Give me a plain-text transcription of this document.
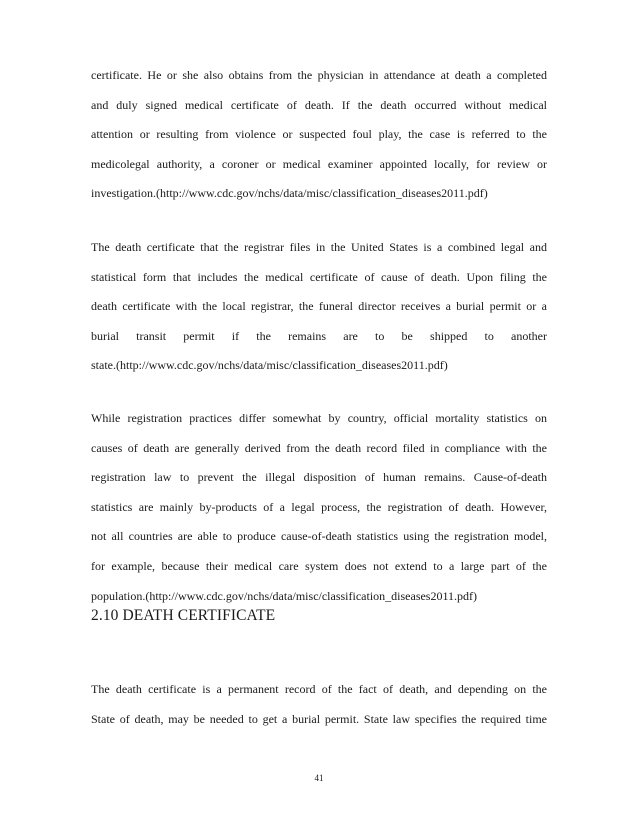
certificate. He or she also obtains from the physician in attendance at death a completed
and duly signed medical certificate of death. If the death occurred without medical
attention or resulting from violence or suspected foul play, the case is referred to the
medicolegal authority, a coroner or medical examiner appointed locally, for review or
investigation.(http://www.cdc.gov/nchs/data/misc/classification_diseases2011.pdf)
The death certificate that the registrar files in the United States is a combined legal and
statistical form that includes the medical certificate of cause of death. Upon filing the
death certificate with the local registrar, the funeral director receives a burial permit or a
burial transit permit if the remains are to be shipped to another
state.(http://www.cdc.gov/nchs/data/misc/classification_diseases2011.pdf)
While registration practices differ somewhat by country, official mortality statistics on
causes of death are generally derived from the death record filed in compliance with the
registration law to prevent the illegal disposition of human remains. Cause-of-death
statistics are mainly by-products of a legal process, the registration of death. However,
not all countries are able to produce cause-of-death statistics using the registration model,
for example, because their medical care system does not extend to a large part of the
population.(http://www.cdc.gov/nchs/data/misc/classification_diseases2011.pdf)
2.10 DEATH CERTIFICATE
The death certificate is a permanent record of the fact of death, and depending on the
State of death, may be needed to get a burial permit. State law specifies the required time
41
